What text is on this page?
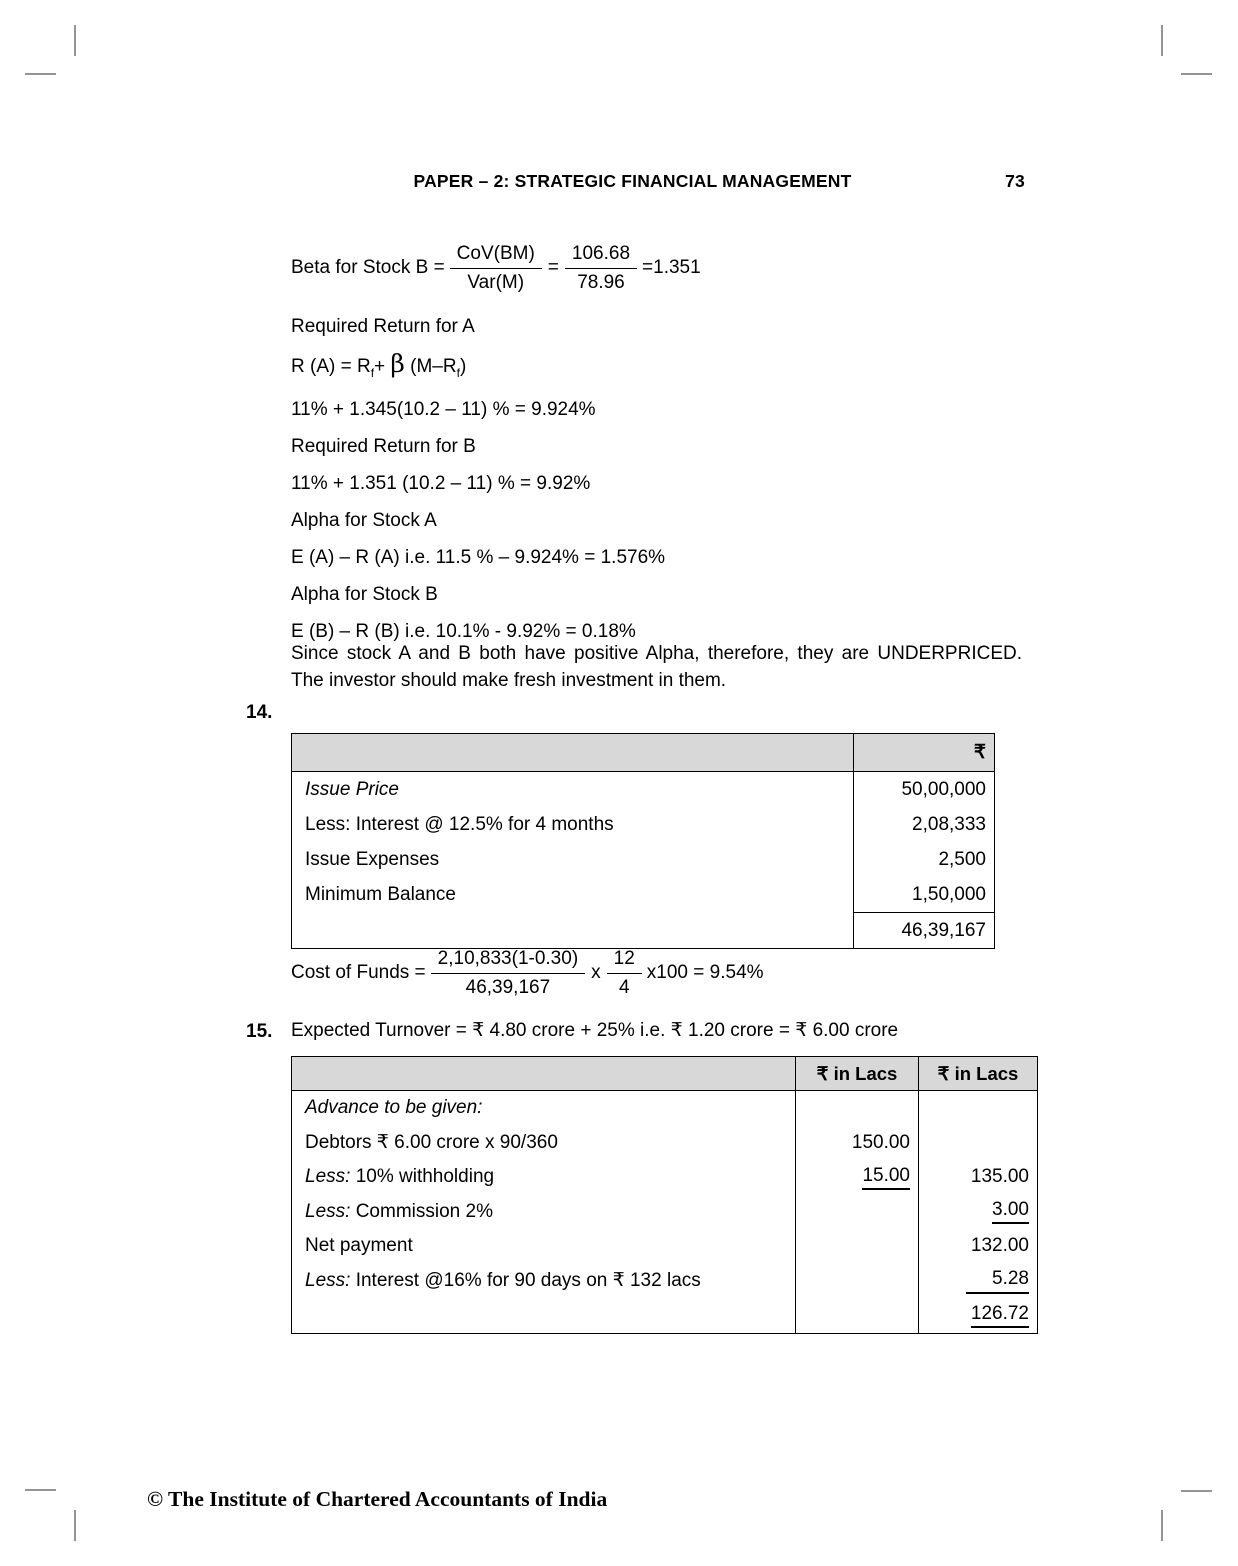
PAPER – 2: STRATEGIC FINANCIAL MANAGEMENT	73
Beta for Stock $B = \frac{\text{CoV(BM)}}{\text{Var(M)}} = \frac{106.68}{78.96} =1.351$
Required Return for A
R $(A) = R_f+ \beta$ $(M-R_f)$
11% + 1.345(10.2 – 11) % = 9.924%
Required Return for B
11% + 1.351 (10.2 – 11) % = 9.92%
Alpha for Stock A
E (A) – R (A) i.e. 11.5 % – 9.924% = 1.576%
Alpha for Stock B
E (B) – R (B) i.e. 10.1% - 9.92% = 0.18%
Since stock A and B both have positive Alpha, therefore, they are UNDERPRICED. The investor should make fresh investment in them.
14.
	₹
Issue Price	50,00,000
Less: Interest @ 12.5% for 4 months	2,08,333
Issue Expenses	2,500
Minimum Balance	1,50,000
	46,39,167
Cost of Funds = $\frac{2,10,833(1-0.30)}{46,39,167}$ x $\frac{12}{4} x100 = 9.54\%$
15. Expected Turnover = ₹ 4.80 crore + 25% i.e. ₹ 1.20 crore = ₹ 6.00 crore
	₹ in Lacs	₹ in Lacs
Advance to be given:		
Debtors ₹ 6.00 crore x 90/360	150.00	
Less: 10% withholding	15.00	135.00
Less: Commission 2%		3.00
Net payment		132.00
Less: Interest @16% for 90 days on ₹ 132 lacs		5.28
		126.72
© The Institute of Chartered Accountants of India
